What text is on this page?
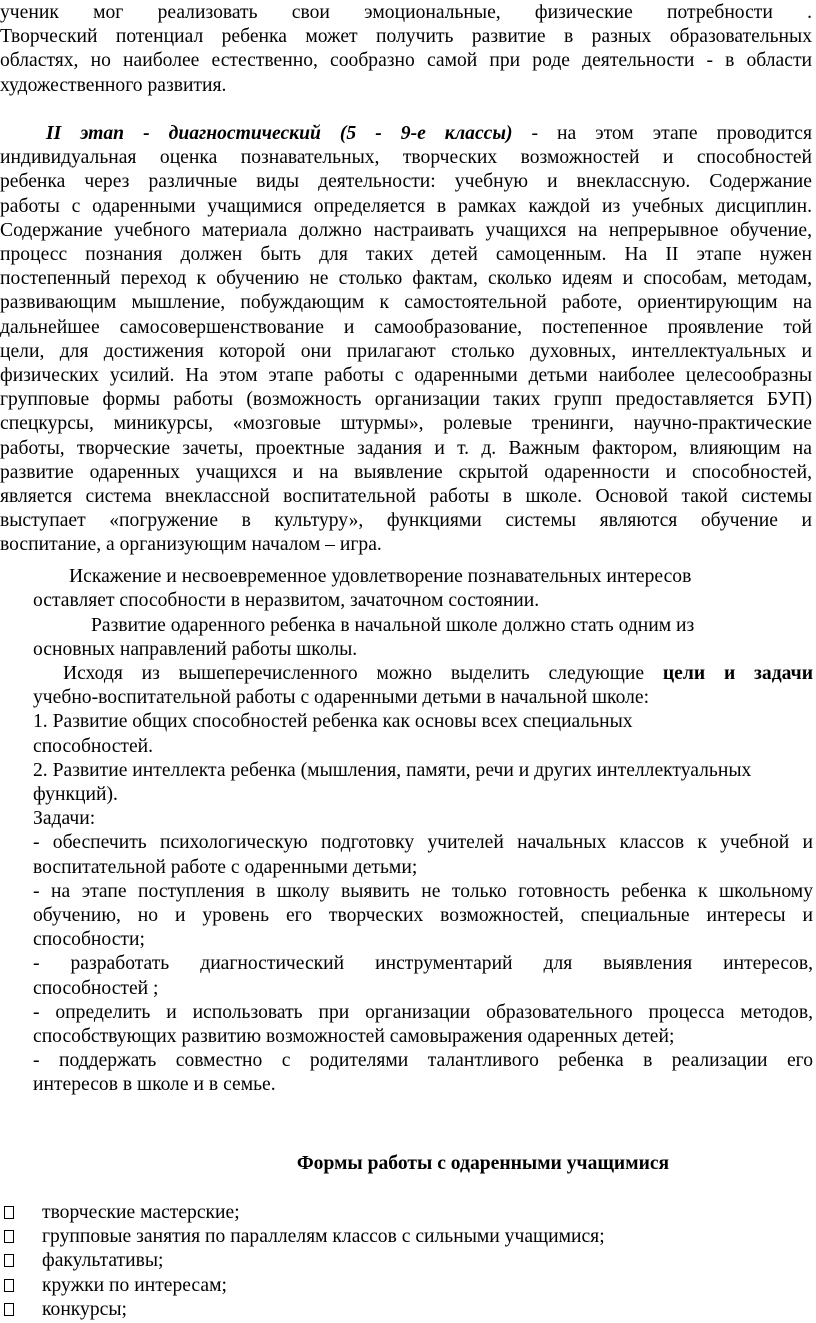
ученик мог реализовать свои эмоциональные, физические потребности .

Творческий потенциал ребенка может получить развитие в разных образовательных

областях, но наиболее естественно, сообразно самой при роде деятельности - в области

художественного развития.

II этап - диагностический (5 - 9-е классы) - на этом этапе проводится

индивидуальная оценка познавательных, творческих возможностей и способностей

ребенка через различные виды деятельности: учебную и внеклассную. Содержание

работы с одаренными учащимися определяется в рамках каждой из учебных дисциплин.

Содержание учебного материала должно настраивать учащихся на непрерывное обучение,

процесс познания должен быть для таких детей самоценным. На II этапе нужен

постепенный переход к обучению не столько фактам, сколько идеям и способам, методам,

развивающим мышление, побуждающим к самостоятельной работе, ориентирующим на

дальнейшее самосовершенствование и самообразование, постепенное проявление той

цели, для достижения которой они прилагают столько духовных, интеллектуальных и

физических усилий. На этом этапе работы с одаренными детьми наиболее целесообразны

групповые формы работы (возможность организации таких групп предоставляется БУП)

спецкурсы, миникурсы, «мозговые штурмы», ролевые тренинги, научно-практические

работы, творческие зачеты, проектные задания и т. д. Важным фактором, влияющим на

развитие одаренных учащихся и на выявление скрытой одаренности и способностей,

является система внеклассной воспитательной работы в школе. Основой такой системы

выступает «погружение в культуру», функциями системы являются обучение и

воспитание, а организующим началом – игра.

Искажение и несвоевременное удовлетворение познавательных интересов

оставляет способности в неразвитом, зачаточном состоянии.

Развитие одаренного ребенка в начальной школе должно стать одним из

основных направлений работы школы.

Исходя из вышеперечисленного можно выделить следующие цели и задачи

учебно-воспитательной работы с одаренными детьми в начальной школе:

1. Развитие общих способностей ребенка как основы всех специальных

способностей.

2. Развитие интеллекта ребенка (мышления, памяти, речи и других интеллектуальных

функций).

Задачи:

- обеспечить психологическую подготовку учителей начальных классов к учебной и

воспитательной работе с одаренными детьми;

- на этапе поступления в школу выявить не только готовность ребенка к школьному

обучению, но и уровень его творческих возможностей, специальные интересы и

способности;

- разработать диагностический инструментарий для выявления интересов,

способностей ;

- определить и использовать при организации образовательного процесса методов,

способствующих развитию возможностей самовыражения одаренных детей;

- поддержать совместно с родителями талантливого ребенка в реализации его

интересов в школе и в семье.

Формы работы с одаренными учащимися
творческие мастерские;
групповые занятия по параллелям классов с сильными учащимися;
факультативы;
кружки по интересам;
конкурсы;
